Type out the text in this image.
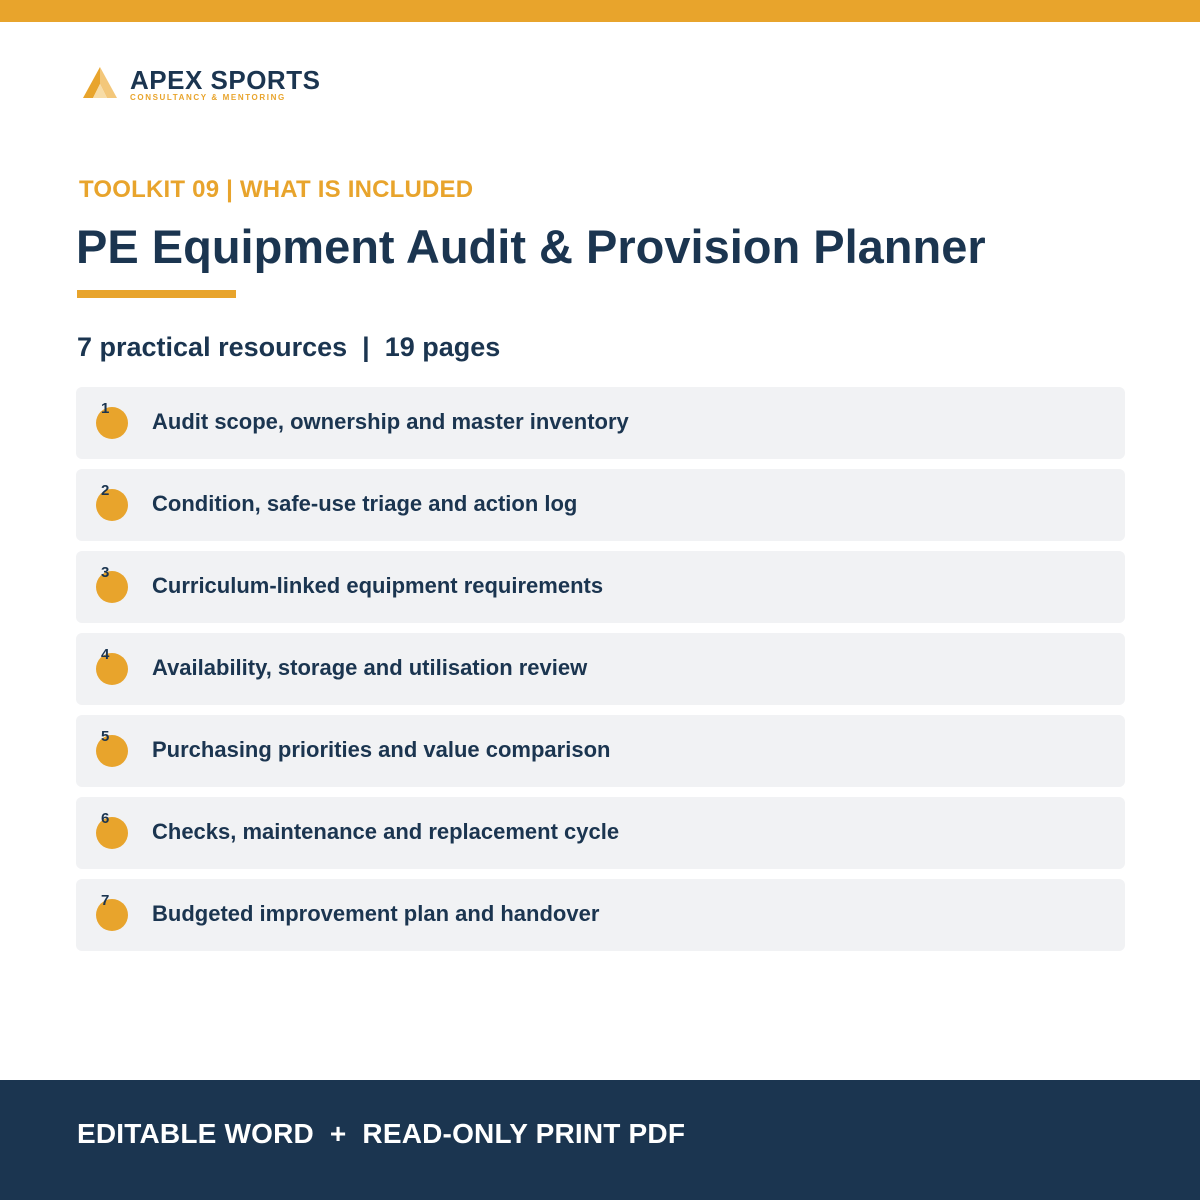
APEX SPORTS
CONSULTANCY & MENTORING
TOOLKIT 09 | WHAT IS INCLUDED
PE Equipment Audit & Provision Planner
7 practical resources  |  19 pages
1
Audit scope, ownership and master inventory
2
Condition, safe-use triage and action log
3
Curriculum-linked equipment requirements
4
Availability, storage and utilisation review
5
Purchasing priorities and value comparison
6
Checks, maintenance and replacement cycle
7
Budgeted improvement plan and handover
EDITABLE WORD  +  READ-ONLY PRINT PDF
